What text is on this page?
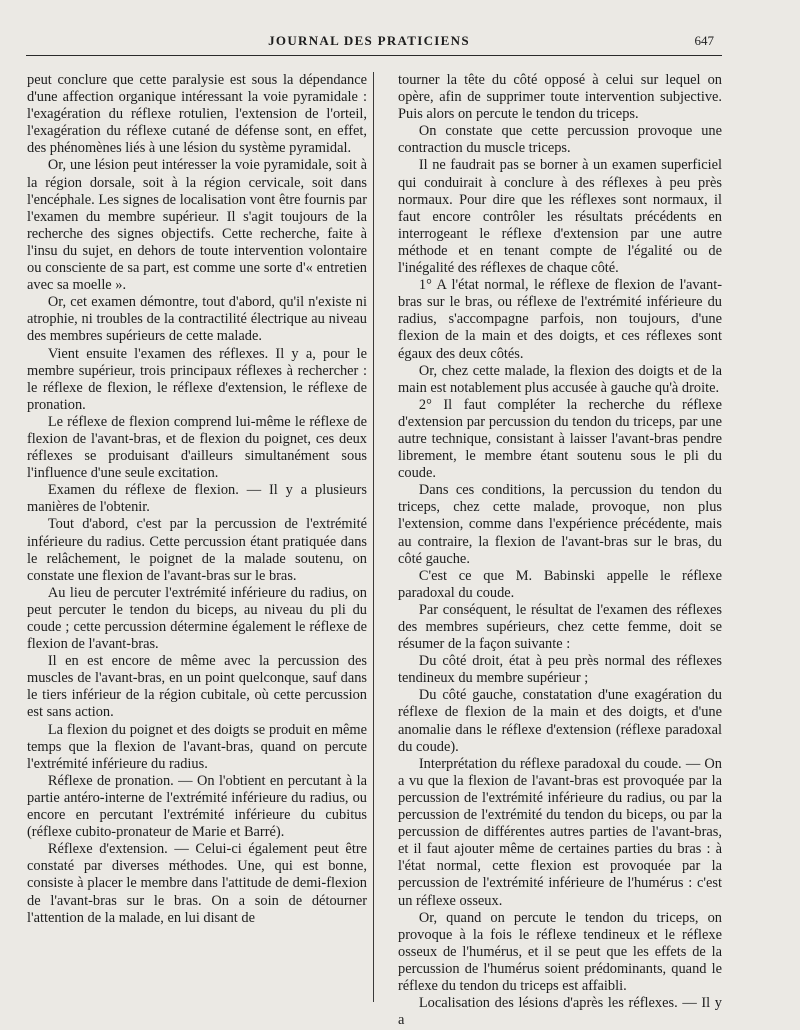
JOURNAL DES PRATICIENS	647

peut conclure que cette paralysie est sous la dépendance d'une affection organique intéressant la voie pyramidale : l'exagération du réflexe rotulien, l'extension de l'orteil, l'exagération du réflexe cutané de défense sont, en effet, des phénomènes liés à une lésion du système pyramidal.

Or, une lésion peut intéresser la voie pyramidale, soit à la région dorsale, soit à la région cervicale, soit dans l'encéphale. Les signes de localisation vont être fournis par l'examen du membre supérieur. Il s'agit toujours de la recherche des signes objectifs. Cette recherche, faite à l'insu du sujet, en dehors de toute intervention volontaire ou consciente de sa part, est comme une sorte d'« entretien avec sa moelle ».

Or, cet examen démontre, tout d'abord, qu'il n'existe ni atrophie, ni troubles de la contractilité électrique au niveau des membres supérieurs de cette malade.

Vient ensuite l'examen des réflexes. Il y a, pour le membre supérieur, trois principaux réflexes à rechercher : le réflexe de flexion, le réflexe d'extension, le réflexe de pronation.

Le réflexe de flexion comprend lui-même le réflexe de flexion de l'avant-bras, et de flexion du poignet, ces deux réflexes se produisant d'ailleurs simultanément sous l'influence d'une seule excitation.

Examen du réflexe de flexion. — Il y a plusieurs manières de l'obtenir.

Tout d'abord, c'est par la percussion de l'extrémité inférieure du radius. Cette percussion étant pratiquée dans le relâchement, le poignet de la malade soutenu, on constate une flexion de l'avant-bras sur le bras.

Au lieu de percuter l'extrémité inférieure du radius, on peut percuter le tendon du biceps, au niveau du pli du coude ; cette percussion détermine également le réflexe de flexion de l'avant-bras.

Il en est encore de même avec la percussion des muscles de l'avant-bras, en un point quelconque, sauf dans le tiers inférieur de la région cubitale, où cette percussion est sans action.

La flexion du poignet et des doigts se produit en même temps que la flexion de l'avant-bras, quand on percute l'extrémité inférieure du radius.

Réflexe de pronation. — On l'obtient en percutant à la partie antéro-interne de l'extrémité inférieure du radius, ou encore en percutant l'extrémité inférieure du cubitus (réflexe cubito-pronateur de Marie et Barré).

Réflexe d'extension. — Celui-ci également peut être constaté par diverses méthodes. Une, qui est bonne, consiste à placer le membre dans l'attitude de demi-flexion de l'avant-bras sur le bras. On a soin de détourner l'attention de la malade, en lui disant de

tourner la tête du côté opposé à celui sur lequel on opère, afin de supprimer toute intervention subjective. Puis alors on percute le tendon du triceps.

On constate que cette percussion provoque une contraction du muscle triceps.

Il ne faudrait pas se borner à un examen superficiel qui conduirait à conclure à des réflexes à peu près normaux. Pour dire que les réflexes sont normaux, il faut encore contrôler les résultats précédents en interrogeant le réflexe d'extension par une autre méthode et en tenant compte de l'égalité ou de l'inégalité des réflexes de chaque côté.

1° A l'état normal, le réflexe de flexion de l'avant-bras sur le bras, ou réflexe de l'extrémité inférieure du radius, s'accompagne parfois, non toujours, d'une flexion de la main et des doigts, et ces réflexes sont égaux des deux côtés.

Or, chez cette malade, la flexion des doigts et de la main est notablement plus accusée à gauche qu'à droite.

2° Il faut compléter la recherche du réflexe d'extension par percussion du tendon du triceps, par une autre technique, consistant à laisser l'avant-bras pendre librement, le membre étant soutenu sous le pli du coude.

Dans ces conditions, la percussion du tendon du triceps, chez cette malade, provoque, non plus l'extension, comme dans l'expérience précédente, mais au contraire, la flexion de l'avant-bras sur le bras, du côté gauche.

C'est ce que M. Babinski appelle le réflexe paradoxal du coude.

Par conséquent, le résultat de l'examen des réflexes des membres supérieurs, chez cette femme, doit se résumer de la façon suivante :

Du côté droit, état à peu près normal des réflexes tendineux du membre supérieur ;

Du côté gauche, constatation d'une exagération du réflexe de flexion de la main et des doigts, et d'une anomalie dans le réflexe d'extension (réflexe paradoxal du coude).

Interprétation du réflexe paradoxal du coude. — On a vu que la flexion de l'avant-bras est provoquée par la percussion de l'extrémité inférieure du radius, ou par la percussion de l'extrémité du tendon du biceps, ou par la percussion de différentes autres parties de l'avant-bras, et il faut ajouter même de certaines parties du bras : à l'état normal, cette flexion est provoquée par la percussion de l'extrémité inférieure de l'humérus : c'est un réflexe osseux.

Or, quand on percute le tendon du triceps, on provoque à la fois le réflexe tendineux et le réflexe osseux de l'humérus, et il se peut que les effets de la percussion de l'humérus soient prédominants, quand le réflexe du tendon du triceps est affaibli.

Localisation des lésions d'après les réflexes. — Il y a
